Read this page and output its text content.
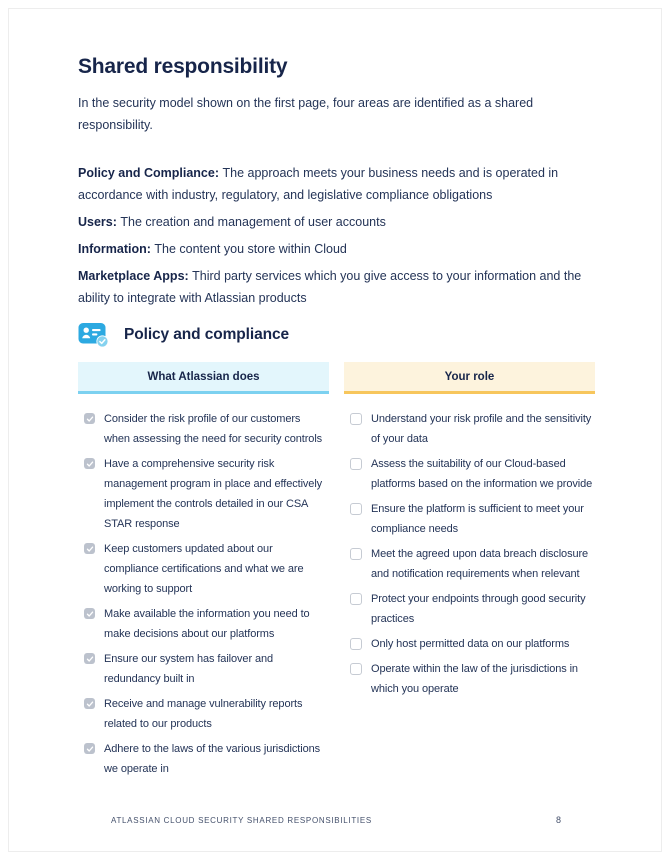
Shared responsibility

In the security model shown on the first page, four areas are identified as a shared responsibility.

Policy and Compliance: The approach meets your business needs and is operated in accordance with industry, regulatory, and legislative compliance obligations

Users: The creation and management of user accounts

Information: The content you store within Cloud

Marketplace Apps: Third party services which you give access to your information and the ability to integrate with Atlassian products

Policy and compliance
What Atlassian does
Consider the risk profile of our customers when assessing the need for security controls
Have a comprehensive security risk management program in place and effectively implement the controls detailed in our CSA STAR response
Keep customers updated about our compliance certifications and what we are working to support
Make available the information you need to make decisions about our platforms
Ensure our system has failover and redundancy built in
Receive and manage vulnerability reports related to our products
Adhere to the laws of the various jurisdictions we operate in
Your role
Understand your risk profile and the sensitivity of your data
Assess the suitability of our Cloud-based platforms based on the information we provide
Ensure the platform is sufficient to meet your compliance needs
Meet the agreed upon data breach disclosure and notification requirements when relevant
Protect your endpoints through good security practices
Only host permitted data on our platforms
Operate within the law of the jurisdictions in which you operate
ATLASSIAN CLOUD SECURITY SHARED RESPONSIBILITIES	8
